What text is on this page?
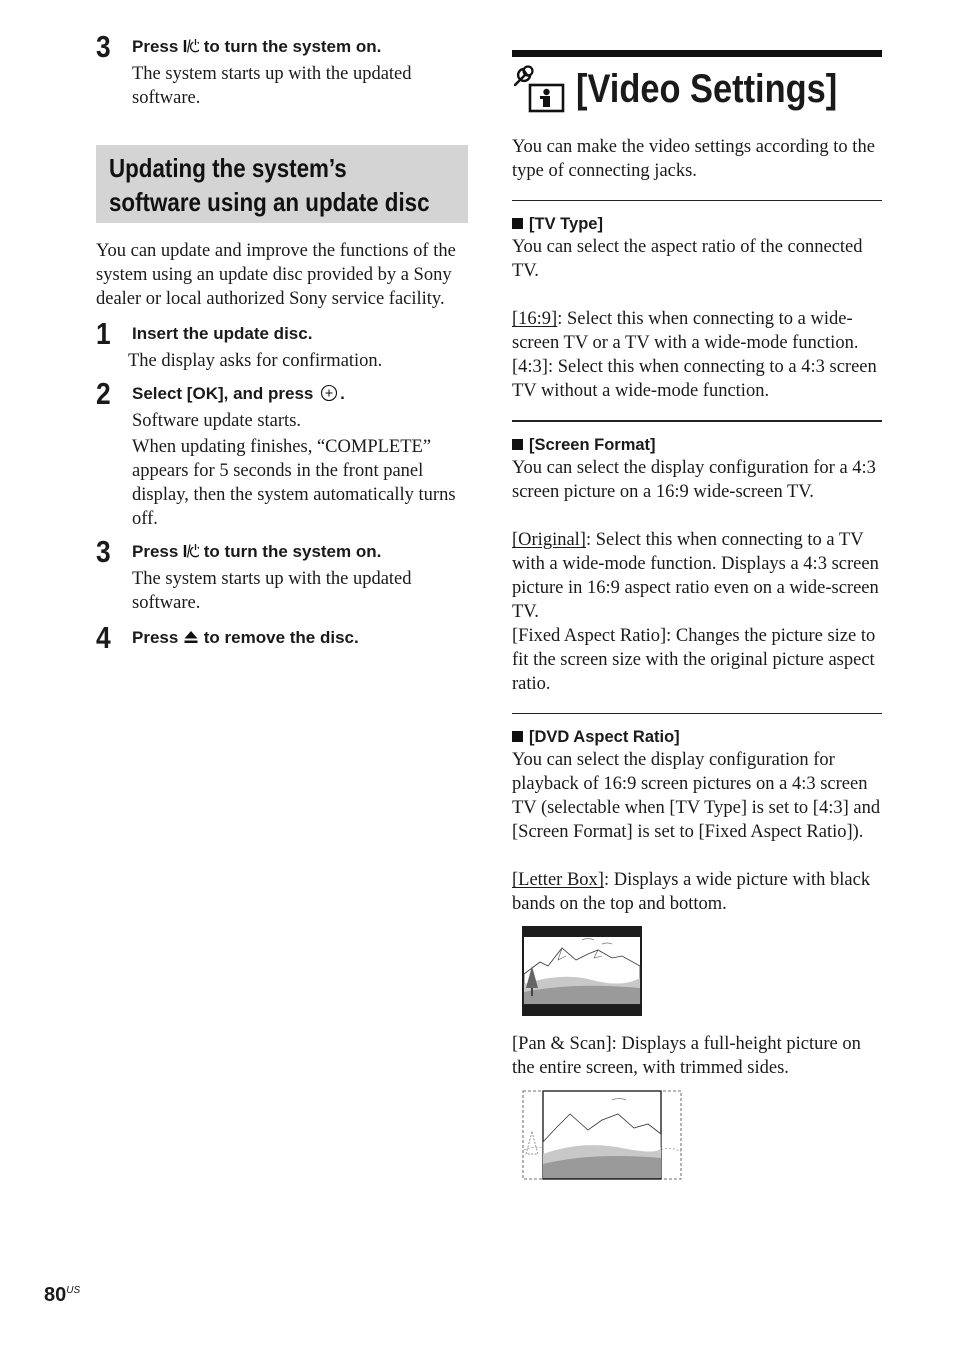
3 Press  to turn the system on.

The system starts up with the updated software.

Updating the system’s
software using an update disc

You can update and improve the functions of the system using an update disc provided by a Sony dealer or local authorized Sony service facility.

1 Insert the update disc.

The display asks for confirmation.

2 Select [OK], and press .

Software update starts.

When updating finishes, “COMPLETE” appears for 5 seconds in the front panel display, then the system automatically turns off.

3 Press  to turn the system on.

The system starts up with the updated software.

4 Press  to remove the disc.

[Video Settings]

You can make the video settings according to the type of connecting jacks.

[TV Type]

You can select the aspect ratio of the connected TV.

[16:9]: Select this when connecting to a wide-screen TV or a TV with a wide-mode function.

[4:3]: Select this when connecting to a 4:3 screen TV without a wide-mode function.

[Screen Format]

You can select the display configuration for a 4:3 screen picture on a 16:9 wide-screen TV.

[Original]: Select this when connecting to a TV with a wide-mode function. Displays a 4:3 screen picture in 16:9 aspect ratio even on a wide-screen TV.

[Fixed Aspect Ratio]: Changes the picture size to fit the screen size with the original picture aspect ratio.

[DVD Aspect Ratio]

You can select the display configuration for playback of 16:9 screen pictures on a 4:3 screen TV (selectable when [TV Type] is set to [4:3] and [Screen Format] is set to [Fixed Aspect Ratio]).

[Letter Box]: Displays a wide picture with black bands on the top and bottom.

[Pan & Scan]: Displays a full-height picture on the entire screen, with trimmed sides.

$80^{US}$
